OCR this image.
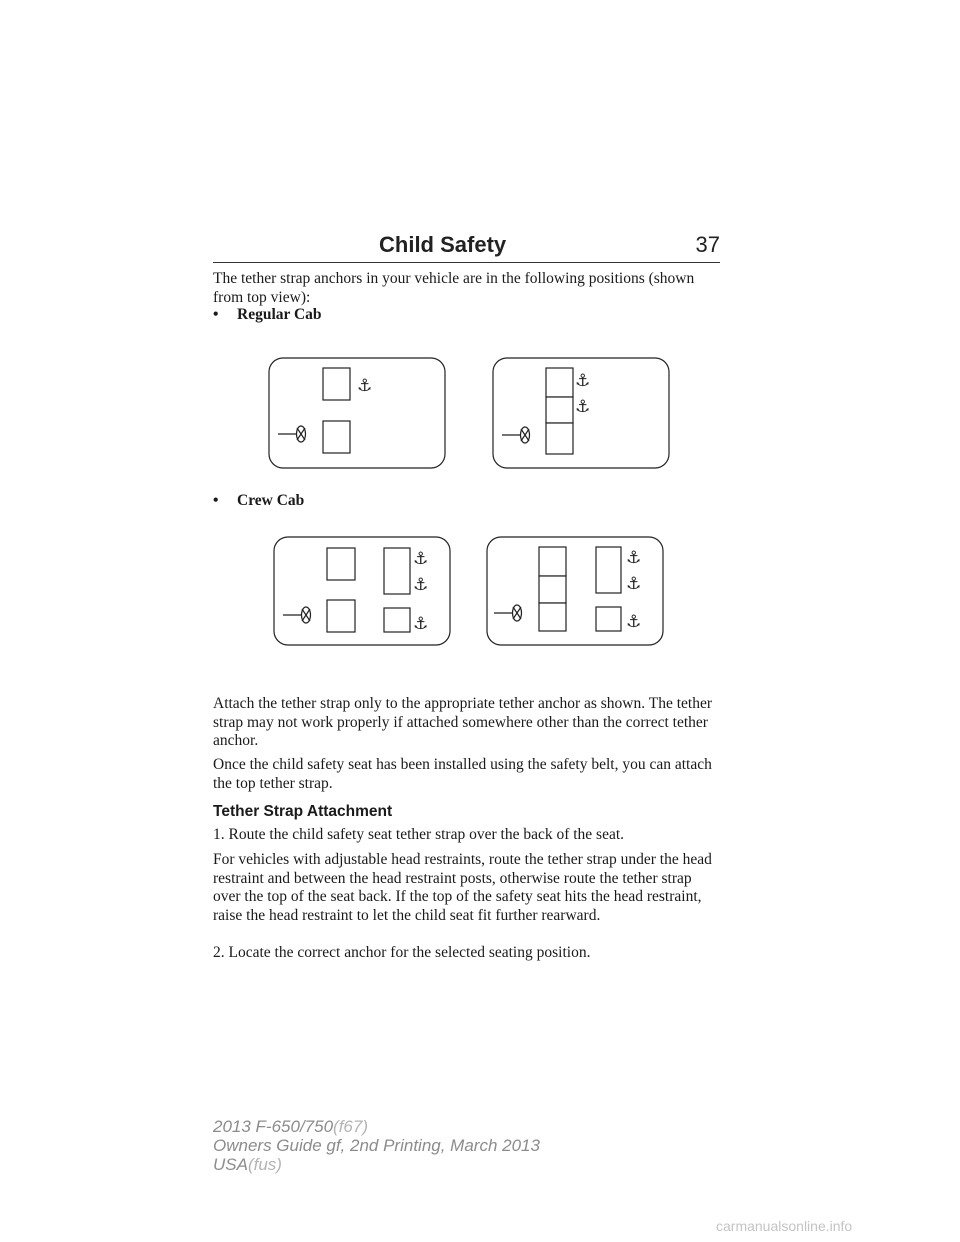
Child Safety	37

The tether strap anchors in your vehicle are in the following positions (shown from top view):

• Regular Cab

⚓	⚓
⚓

• Crew Cab

⚓
⚓
⚓
⚓
⚓
⚓

Attach the tether strap only to the appropriate tether anchor as shown. The tether strap may not work properly if attached somewhere other than the correct tether anchor.

Once the child safety seat has been installed using the safety belt, you can attach the top tether strap.

Tether Strap Attachment

1. Route the child safety seat tether strap over the back of the seat.

For vehicles with adjustable head restraints, route the tether strap under the head restraint and between the head restraint posts, otherwise route the tether strap over the top of the seat back. If the top of the safety seat hits the head restraint, raise the head restraint to let the child seat fit further rearward.

2. Locate the correct anchor for the selected seating position.

2013 F-650/750(f67)
Owners Guide gf, 2nd Printing, March 2013
USA(fus)
carmanualsonline.info
